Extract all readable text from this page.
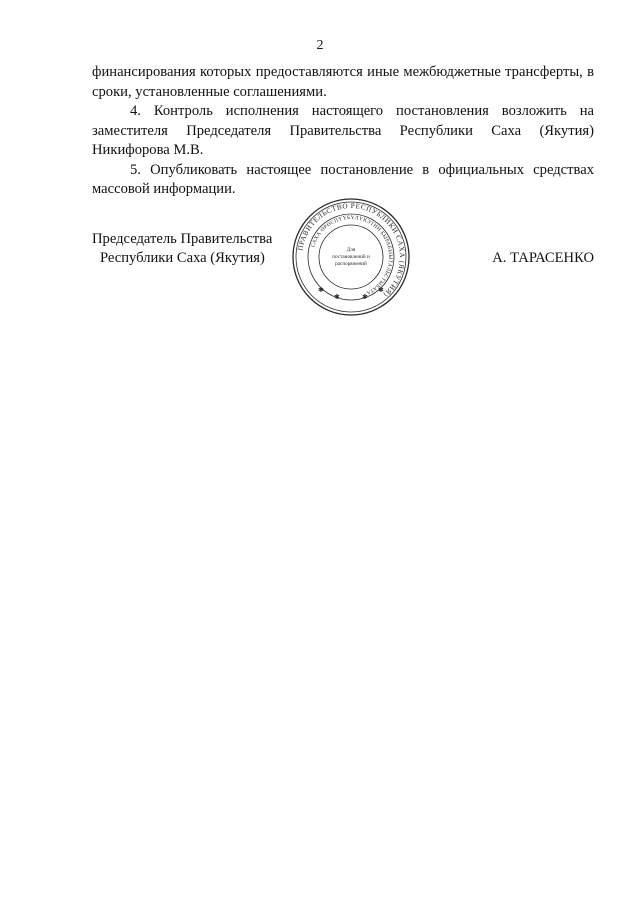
2

финансирования которых предоставляются иные межбюджетные трансферты, в сроки, установленные соглашениями.

4. Контроль исполнения настоящего постановления возложить на заместителя Председателя Правительства Республики Саха (Якутия) Никифорова М.В.

5. Опубликовать настоящее постановление в официальных средствах массовой информации.

Председатель Правительства
Республики Саха (Якутия)	А. ТАРАСЕНКО
ПРАВИТЕЛЬСТВО РЕСПУБЛИКИ САХА (ЯКУТИЯ)
САХА ӨРӨСПҮҮБҮЛҮКЭТИН БЫРАБЫЫТАЛЬСТЫБАТА
Для
постановлений и
распоряжений
✱
✱	✱
✱
